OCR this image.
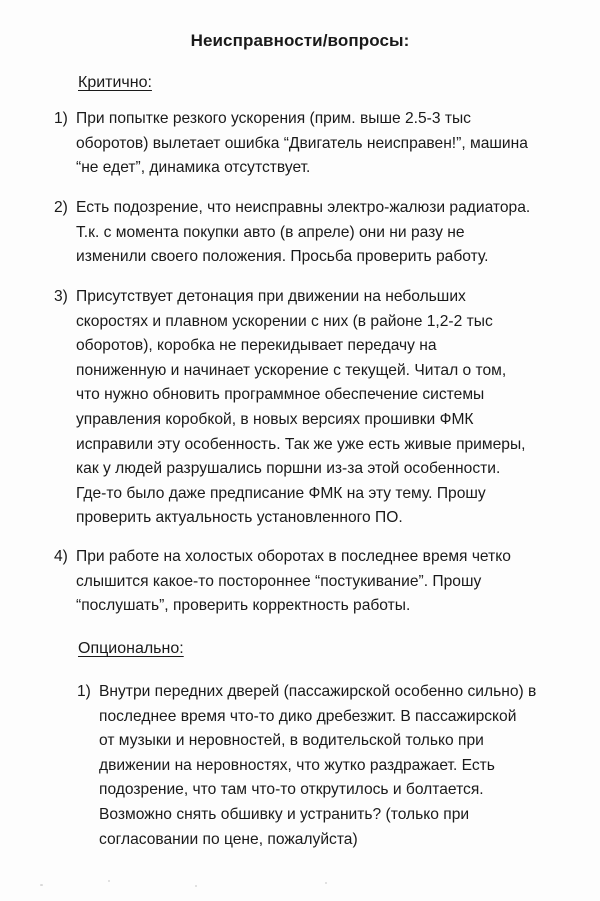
Неисправности/вопросы:
Критично:
1) При попытке резкого ускорения (прим. выше 2.5-3 тыс
оборотов) вылетает ошибка “Двигатель неисправен!”, машина
“не едет”, динамика отсутствует.
2) Есть подозрение, что неисправны электро-жалюзи радиатора.
Т.к. с момента покупки авто (в апреле) они ни разу не
изменили своего положения. Просьба проверить работу.
3) Присутствует детонация при движении на небольших
скоростях и плавном ускорении с них (в районе 1,2-2 тыс
оборотов), коробка не перекидывает передачу на
пониженную и начинает ускорение с текущей. Читал о том,
что нужно обновить программное обеспечение системы
управления коробкой, в новых версиях прошивки ФМК
исправили эту особенность. Так же уже есть живые примеры,
как у людей разрушались поршни из-за этой особенности.
Где-то было даже предписание ФМК на эту тему. Прошу
проверить актуальность установленного ПО.
4) При работе на холостых оборотах в последнее время четко
слышится какое-то постороннее “постукивание”. Прошу
“послушать”, проверить корректность работы.
Опционально:
1) Внутри передних дверей (пассажирской особенно сильно) в
последнее время что-то дико дребезжит. В пассажирской
от музыки и неровностей, в водительской только при
движении на неровностях, что жутко раздражает. Есть
подозрение, что там что-то открутилось и болтается.
Возможно снять обшивку и устранить? (только при
согласовании по цене, пожалуйста)
